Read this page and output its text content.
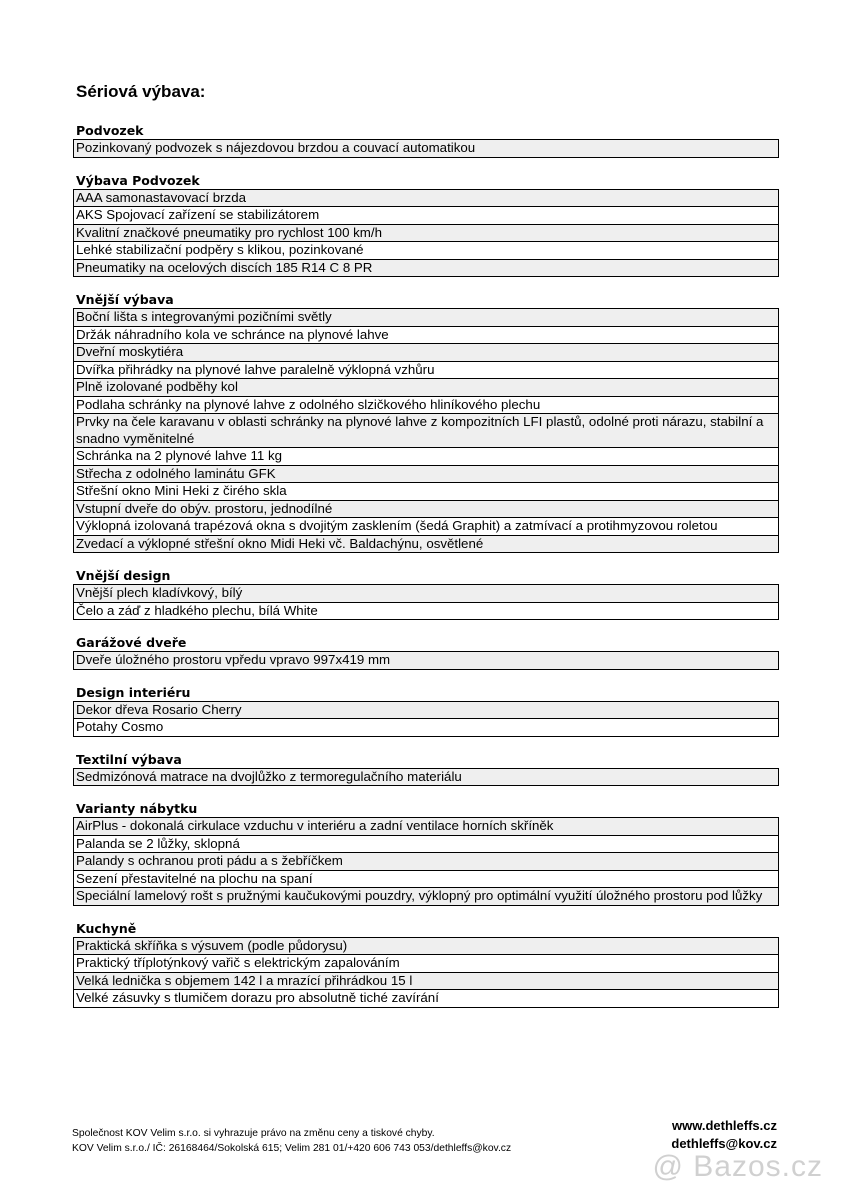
Sériová výbava:
Podvozek
Pozinkovaný podvozek s nájezdovou brzdou a couvací automatikou
Výbava Podvozek
AAA samonastavovací brzda
AKS Spojovací zařízení se stabilizátorem
Kvalitní značkové pneumatiky pro rychlost 100 km/h
Lehké stabilizační podpěry s klikou, pozinkované
Pneumatiky na ocelových discích 185 R14 C 8 PR
Vnější výbava
Boční lišta s integrovanými pozičními světly
Držák náhradního kola ve schránce na plynové lahve
Dveřní moskytiéra
Dvířka přihrádky na plynové lahve paralelně výklopná vzhůru
Plně izolované podběhy kol
Podlaha schránky na plynové lahve z odolného slzičkového hliníkového plechu
Prvky na čele karavanu v oblasti schránky na plynové lahve z kompozitních LFI plastů, odolné proti nárazu, stabilní a snadno vyměnitelné
Schránka na 2 plynové lahve 11 kg
Střecha z odolného laminátu GFK
Střešní okno Mini Heki z čirého skla
Vstupní dveře do obýv. prostoru, jednodílné
Výklopná izolovaná trapézová okna s dvojitým zasklením (šedá Graphit) a zatmívací a protihmyzovou roletou
Zvedací a výklopné střešní okno Midi Heki vč. Baldachýnu, osvětlené
Vnější design
Vnější plech kladívkový, bílý
Čelo a záď z hladkého plechu, bílá White
Garážové dveře
Dveře úložného prostoru vpředu vpravo 997x419 mm
Design interiéru
Dekor dřeva Rosario Cherry
Potahy Cosmo
Textilní výbava
Sedmizónová matrace na dvojlůžko z termoregulačního materiálu
Varianty nábytku
AirPlus - dokonalá cirkulace vzduchu v interiéru a zadní ventilace horních skříněk
Palanda se 2 lůžky, sklopná
Palandy s ochranou proti pádu a s žebříčkem
Sezení přestavitelné na plochu na spaní
Speciální lamelový rošt s pružnými kaučukovými pouzdry, výklopný pro optimální využití úložného prostoru pod lůžky
Kuchyně
Praktická skříňka s výsuvem (podle půdorysu)
Praktický tříplotýnkový vařič s elektrickým zapalováním
Velká lednička s objemem 142 l a mrazící přihrádkou 15 l
Velké zásuvky s tlumičem dorazu pro absolutně tiché zavírání
Společnost KOV Velim s.r.o. si vyhrazuje právo na změnu ceny a tiskové chyby.
KOV Velim s.r.o./ IČ: 26168464/Sokolská 615; Velim 281 01/+420 606 743 053/dethleffs@kov.cz
www.dethleffs.cz
dethleffs@kov.cz
@ Bazos.cz
